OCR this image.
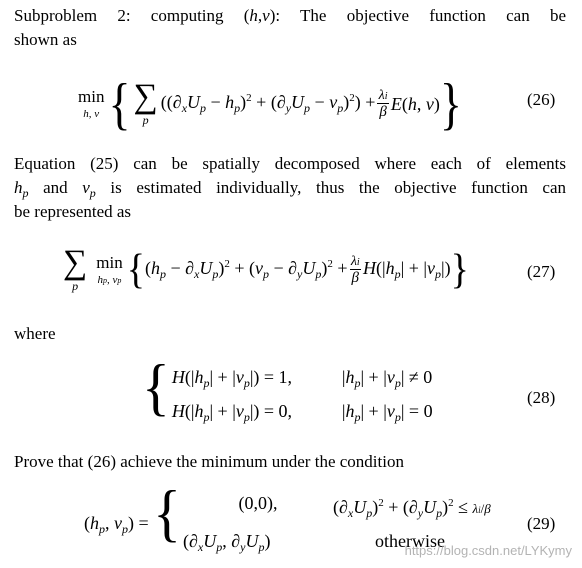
Subproblem 2: computing (h,v): The objective function can be
shown as
min
h, v { ∑
p
$((\partial_xU_p - h_p)^2 + (\partial_yU_p - v_p)^2) + \frac{\lambda i}{\beta} E(h$, v) }	(26)
Equation (25) can be spatially decomposed where each of elements
$h_p$ and $v_p$ is estimated individually, thus the objective function can
be represented as
∑
p
min
hp, vp { $(h_p - \partial_xU_p)^2 + (v_p - \partial_yU_p)^2 + \frac{\lambda i}{\beta} H(|h_p| + |v_p|)$ }	(27)
where
{ $H(|h_p| + |v_p|) = 1$,	$|h_p| + |v_p| \ne 0$
$H(|h_p| + |v_p|) = 0$,	$|h_p| + |v_p| = 0$
(28)
Prove that (26) achieve the minimum under the condition
($h_p$, $v_p$) = {	(0,0),	$(\partial_xU_p)^2 + (\partial_yU_p)^2 \le \lambda i/\beta$
($\partial_xU_p$, $\partial_yU_p$)	otherwise
(29)
https://blog.csdn.net/LYKymy
